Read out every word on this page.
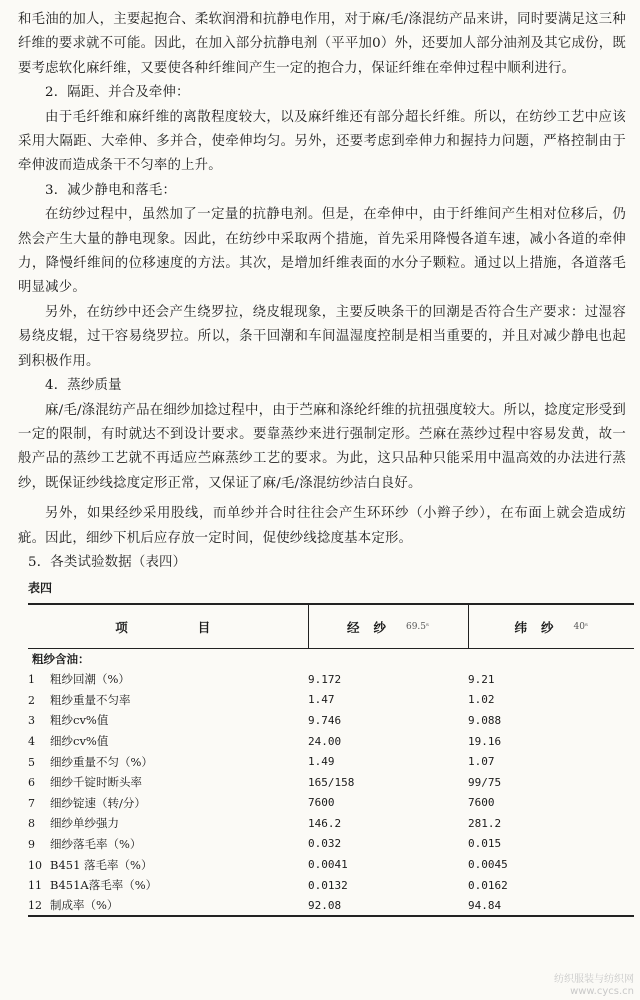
和毛油的加人，主要起抱合、柔软润滑和抗静电作用，对于麻/毛/涤混纺产品来讲，同时要满足这三种纤维的要求就不可能。因此，在加入部分抗静电剂（平平加0）外，还要加人部分油剂及其它成份，既要考虑软化麻纤维，又要使各种纤维间产生一定的抱合力，保证纤维在牵伸过程中顺利进行。

2．隔距、并合及牵伸：

由于毛纤维和麻纤维的离散程度较大，以及麻纤维还有部分超长纤维。所以，在纺纱工艺中应该采用大隔距、大牵伸、多并合，使牵伸均匀。另外，还要考虑到牵伸力和握持力问题，严格控制由于牵伸波而造成条干不匀率的上升。

3．减少静电和落毛：

在纺纱过程中，虽然加了一定量的抗静电剂。但是，在牵伸中，由于纤维间产生相对位移后，仍然会产生大量的静电现象。因此，在纺纱中采取两个措施，首先采用降慢各道车速，减小各道的牵伸力，降慢纤维间的位移速度的方法。其次，是增加纤维表面的水分子颗粒。通过以上措施，各道落毛明显减少。

另外，在纺纱中还会产生绕罗拉，绕皮辊现象，主要反映条干的回潮是否符合生产要求：过湿容易绕皮辊，过干容易绕罗拉。所以，条干回潮和车间温湿度控制是相当重要的，并且对减少静电也起到积极作用。

4．蒸纱质量

麻/毛/涤混纺产品在细纱加捻过程中，由于苎麻和涤纶纤维的抗扭强度较大。所以，捻度定形受到一定的限制，有时就达不到设计要求。要靠蒸纱来进行强制定形。苎麻在蒸纱过程中容易发黄，故一般产品的蒸纱工艺就不再适应苎麻蒸纱工艺的要求。为此，这只品种只能采用中温高效的办法进行蒸纱，既保证纱线捻度定形正常，又保证了麻/毛/涤混纺纱洁白良好。

另外，如果经纱采用股线，而单纱并合时往往会产生环环纱（小辫子纱），在布面上就会造成纺疵。因此，细纱下机后应存放一定时间，促使纱线捻度基本定形。

5．各类试验数据（表四）

表四
项目	经纱 $^{69.5ˢ}$	纬纱 $^{40ˢ}$
粗纱含油：		
1 粗纱回潮（%）	9.172	9.21
2 粗纱重量不匀率	1.47	1.02
3 粗纱cv%值	9.746	9.088
4 细纱cv%值	24.00	19.16
5 细纱重量不匀（%）	1.49	1.07
6 细纱千锭时断头率	165/158	99/75
7 细纱锭速（转/分）	7600	7600
8 细纱单纱强力	146.2	281.2
9 细纱落毛率（%）	0.032	0.015
10 B451 落毛率（%）	0.0041	0.0045
11 B451A落毛率（%）	0.0132	0.0162
12 制成率（%）	92.08	94.84
纺织服装与纺织网
www.cycs.cn
